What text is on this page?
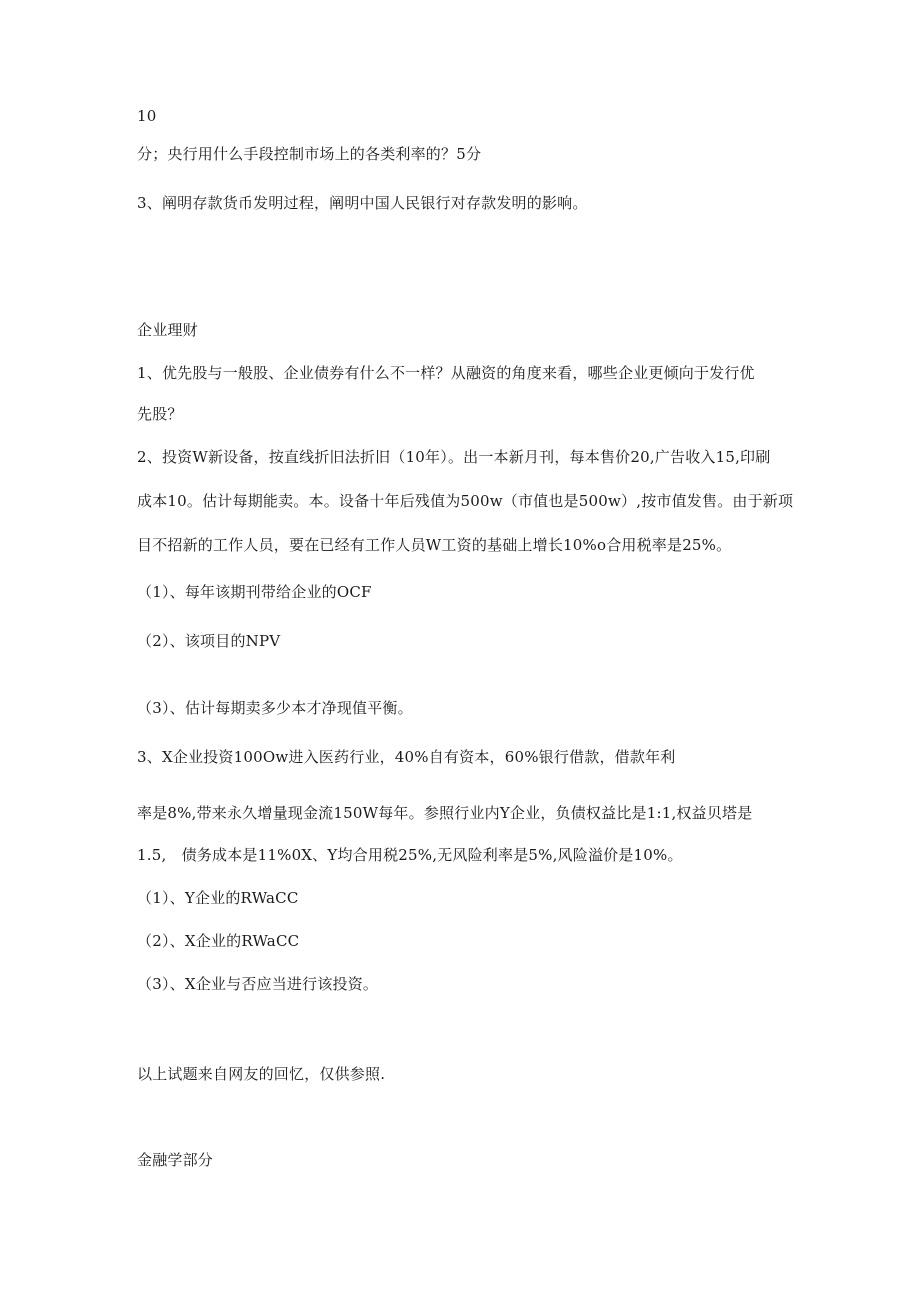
10
分；央行用什么手段控制市场上的各类利率的？5分
3、阐明存款货币发明过程，阐明中国人民银行对存款发明的影响。
企业理财
1、优先股与一般股、企业债券有什么不一样？从融资的角度来看，哪些企业更倾向于发行优
先股？
2、投资W新设备，按直线折旧法折旧（10年）。出一本新月刊，每本售价20,广告收入15,印刷
成本10。估计每期能卖。本。设备十年后残值为500w（市值也是500w）,按市值发售。由于新项
目不招新的工作人员，要在已经有工作人员W工资的基础上增长10%o合用税率是25%。
（1）、每年该期刊带给企业的OCF
（2）、该项目的NPV
（3）、估计每期卖多少本才净现值平衡。
3、X企业投资100Ow进入医药行业，40%自有资本，60%银行借款，借款年利
率是8%,带来永久增量现金流150W每年。参照行业内Y企业，负债权益比是1:1,权益贝塔是
1.5,　债务成本是11%0X、Y均合用税25%,无风险利率是5%,风险溢价是10%。
（1）、Y企业的RWaCC
（2）、X企业的RWaCC
（3）、X企业与否应当进行该投资。
以上试题来自网友的回忆，仅供参照.
金融学部分
